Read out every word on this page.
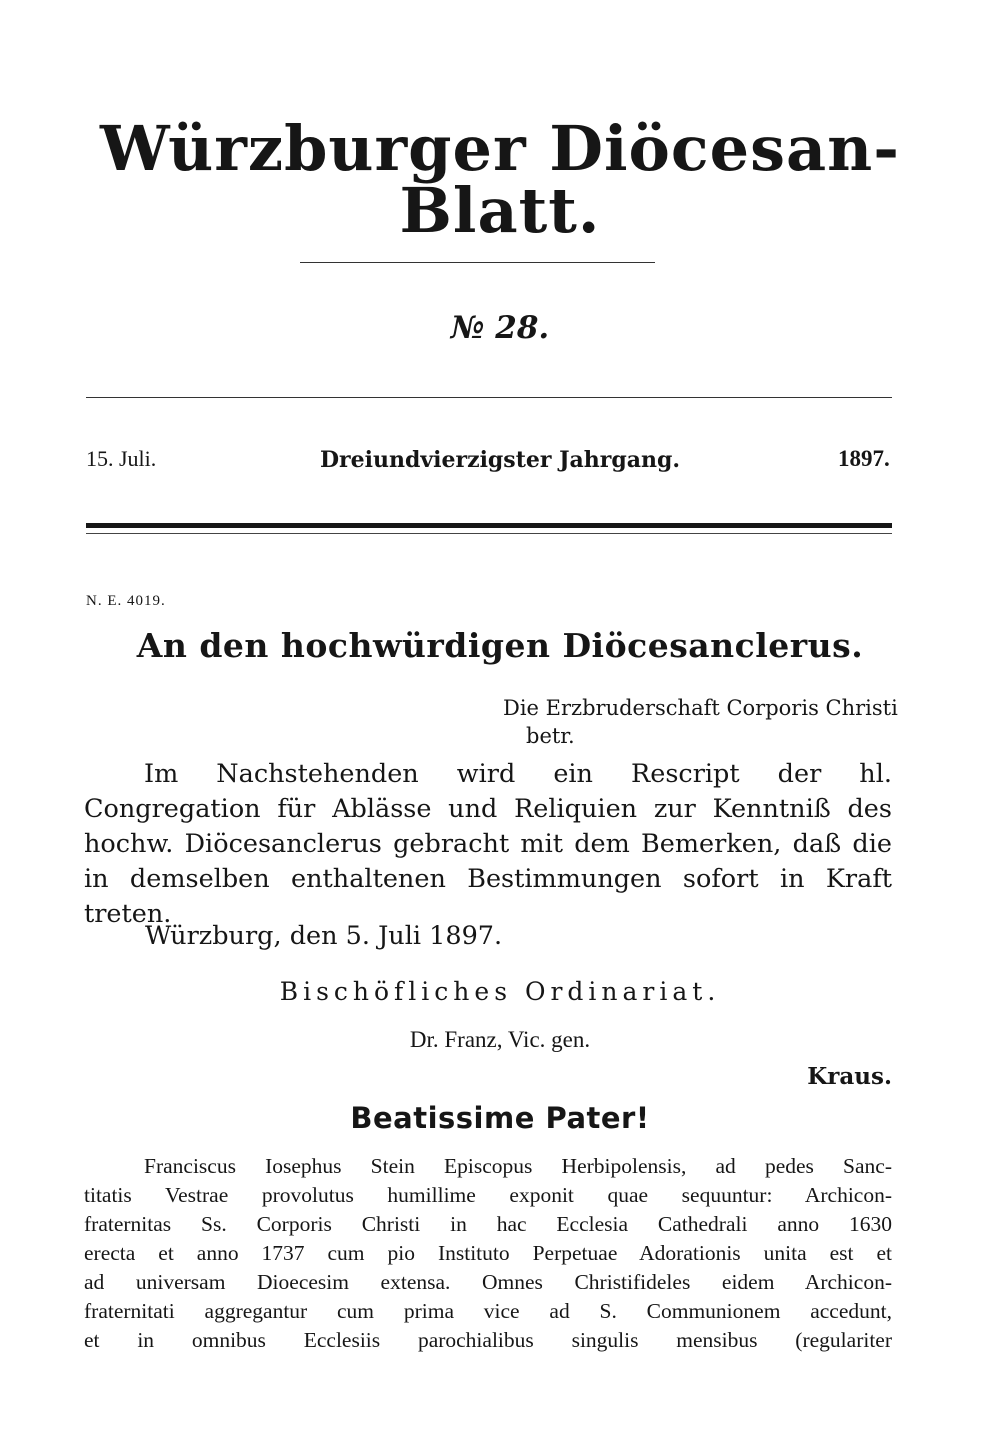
Würzburger Diöcesan-Blatt.
№ 28.
15. Juli.	Dreiundvierzigster Jahrgang.	1897.
N. E. 4019.
An den hochwürdigen Diöcesanclerus.
Die Erzbruderschaft Corporis Christi
betr.
Im Nachstehenden wird ein Rescript der hl. Congregation für Ablässe und Reliquien zur Kenntniß des hochw. Diöcesanclerus gebracht mit dem Bemerken, daß die in demselben enthaltenen Bestimmungen sofort in Kraft treten.
Würzburg, den 5. Juli 1897.
Bischöfliches Ordinariat.
Dr. Franz, Vic. gen.
Kraus.
Beatissime Pater!
Franciscus Iosephus Stein Episcopus Herbipolensis, ad pedes Sanc-
titatis Vestrae provolutus humillime exponit quae sequuntur: Archicon-
fraternitas Ss. Corporis Christi in hac Ecclesia Cathedrali anno 1630
erecta et anno 1737 cum pio Instituto Perpetuae Adorationis unita est et
ad universam Dioecesim extensa. Omnes Christifideles eidem Archicon-
fraternitati aggregantur cum prima vice ad S. Communionem accedunt,
et in omnibus Ecclesiis parochialibus singulis mensibus (regulariter
